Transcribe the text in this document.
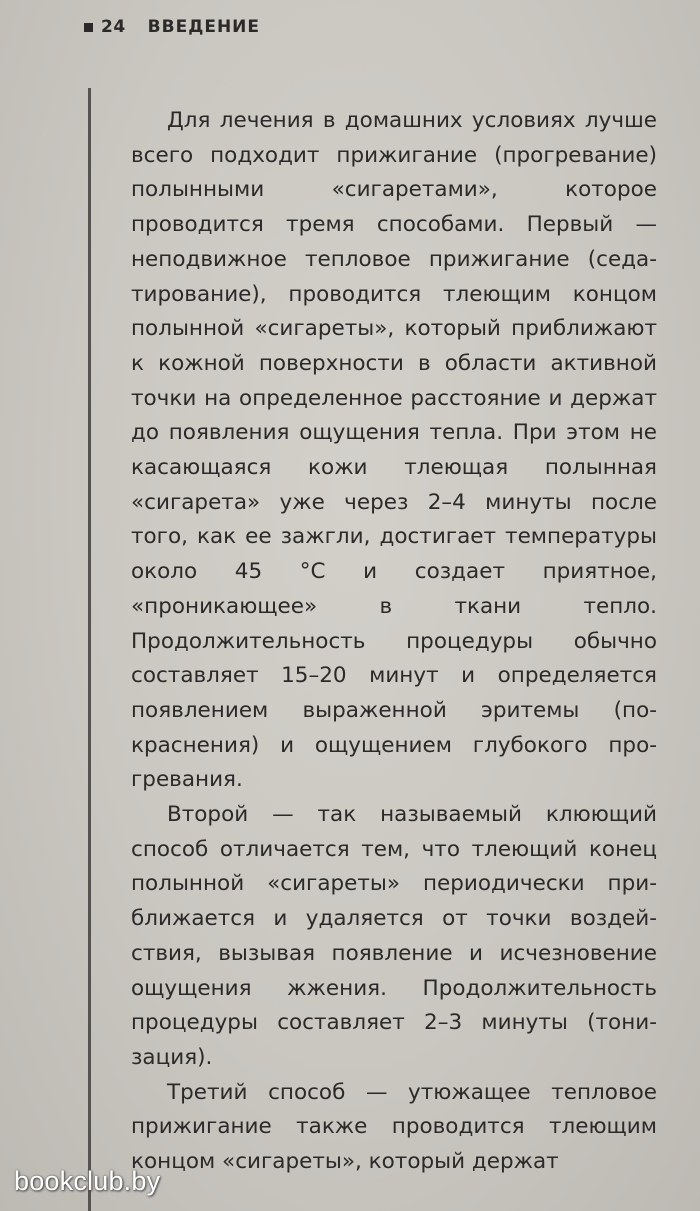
24 ВВЕДЕНИЕ

Для лечения в домашних условиях лучше всего подходит прижигание (прогревание) полынными «сигаретами», которое проводится тремя способами. Первый — неподвижное тепловое прижигание (седатирование), проводится тлеющим концом полынной «сигареты», который приближают к кожной поверхности в области активной точки на определенное расстояние и держат до появления ощущения тепла. При этом не касающаяся кожи тлеющая полынная «сигарета» уже через 2–4 минуты после того, как ее зажгли, достигает температуры около 45 °С и создает приятное, «проникающее» в ткани тепло. Продолжительность процедуры обычно составляет 15–20 минут и определяется появлением выраженной эритемы (покраснения) и ощущением глубокого прогревания.

Второй — так называемый клюющий способ отличается тем, что тлеющий конец полынной «сигареты» периодически приближается и удаляется от точки воздействия, вызывая появление и исчезновение ощущения жжения. Продолжительность процедуры составляет 2–3 минуты (тонизация).

Третий способ — утюжащее тепловое прижигание также проводится тлеющим концом «сигареты», который держат

bookclub.by
